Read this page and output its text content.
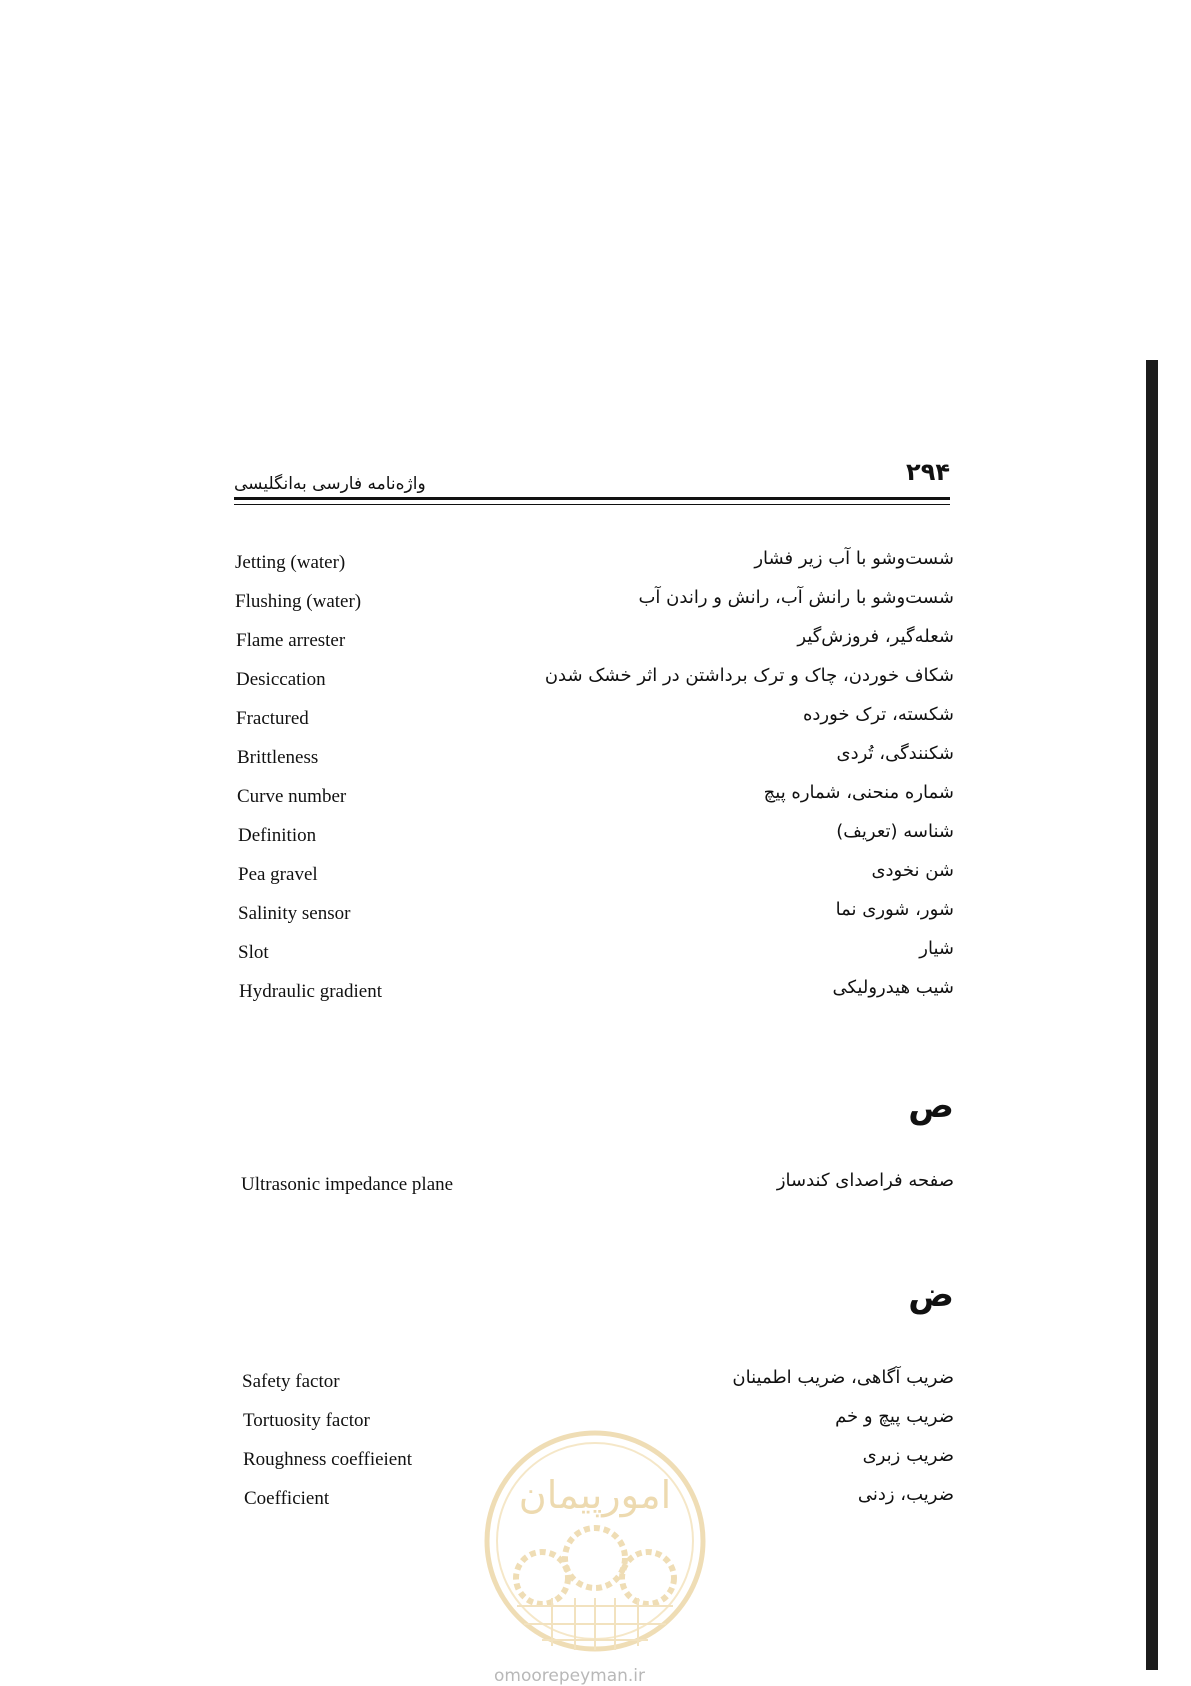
۲۹۴
واژه‌نامه فارسی به‌انگلیسی
Jetting (water)	شست‌وشو با آب زیر فشار
Flushing (water)	شست‌وشو با رانش آب، رانش و راندن آب
Flame arrester	شعله‌گیر، فروزش‌گیر
Desiccation	شکاف خوردن، چاک و ترک برداشتن در اثر خشک شدن
Fractured	شکسته، ترک خورده
Brittleness	شکنندگی، تُردی
Curve number	شماره منحنی، شماره پیچ
Definition	شناسه (تعریف)
Pea gravel	شن نخودی
Salinity sensor	شور، شوری نما
Slot	شیار
Hydraulic gradient	شیب هیدرولیکی
ص
Ultrasonic impedance plane	صفحه فراصدای کندساز
ض
Safety factor	ضریب آگاهی، ضریب اطمینان
Tortuosity factor	ضریب پیچ و خم
Roughness coeffieient	ضریب زبری
Coefficient	ضریب، زدنی
امورپیمان
omoorepeyman.ir
